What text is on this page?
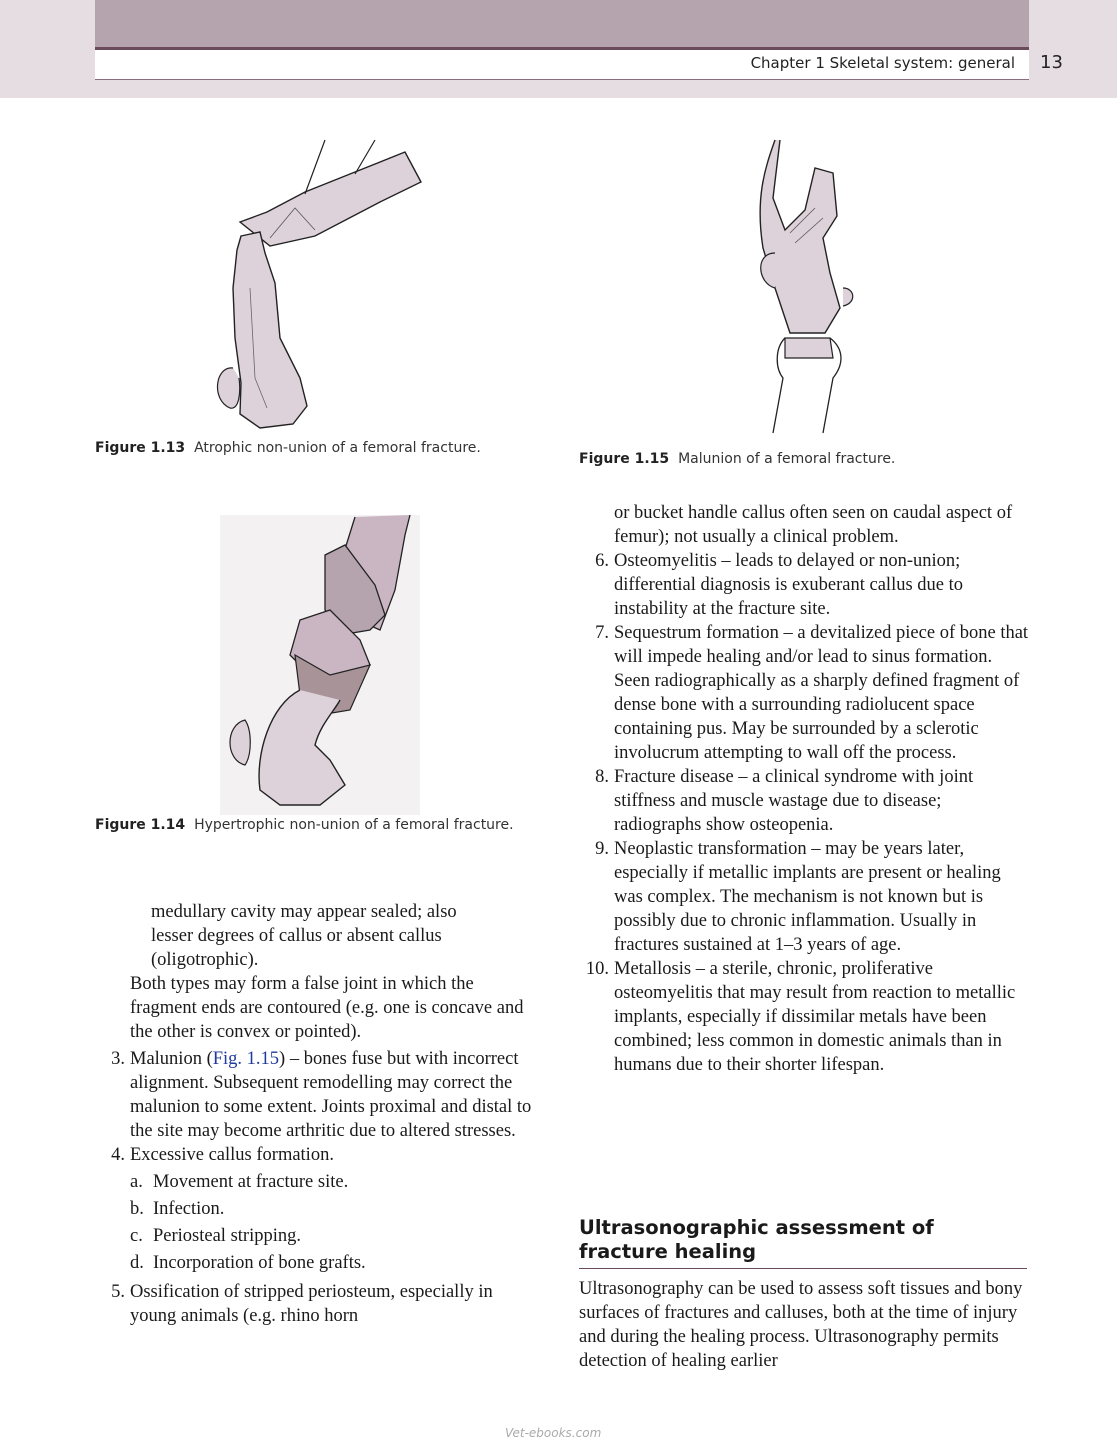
Chapter 1 Skeletal system: general 13
Figure 1.13 Atrophic non-union of a femoral fracture.
Figure 1.14 Hypertrophic non-union of a femoral fracture.
Figure 1.15 Malunion of a femoral fracture.
medullary cavity may appear sealed; also
lesser degrees of callus or absent callus
(oligotrophic).
Both types may form a false joint in which the fragment ends are contoured (e.g. one is concave and the other is convex or pointed).
3. Malunion (Fig. 1.15) – bones fuse but with incorrect alignment. Subsequent remodelling may correct the malunion to some extent. Joints proximal and distal to the site may become arthritic due to altered stresses.
4. Excessive callus formation.
a. Movement at fracture site.
b. Infection.
c. Periosteal stripping.
d. Incorporation of bone grafts.
5. Ossification of stripped periosteum, especially in young animals (e.g. rhino horn
or bucket handle callus often seen on caudal aspect of femur); not usually a clinical problem.
6. Osteomyelitis – leads to delayed or non-union; differential diagnosis is exuberant callus due to instability at the fracture site.
7. Sequestrum formation – a devitalized piece of bone that will impede healing and/or lead to sinus formation. Seen radiographically as a sharply defined fragment of dense bone with a surrounding radiolucent space containing pus. May be surrounded by a sclerotic involucrum attempting to wall off the process.
8. Fracture disease – a clinical syndrome with joint stiffness and muscle wastage due to disease; radiographs show osteopenia.
9. Neoplastic transformation – may be years later, especially if metallic implants are present or healing was complex. The mechanism is not known but is possibly due to chronic inflammation. Usually in fractures sustained at 1–3 years of age.
10. Metallosis – a sterile, chronic, proliferative osteomyelitis that may result from reaction to metallic implants, especially if dissimilar metals have been combined; less common in domestic animals than in humans due to their shorter lifespan.
Ultrasonographic assessment of fracture healing
Ultrasonography can be used to assess soft tissues and bony surfaces of fractures and calluses, both at the time of injury and during the healing process. Ultrasonography permits detection of healing earlier
Vet-ebooks.com
